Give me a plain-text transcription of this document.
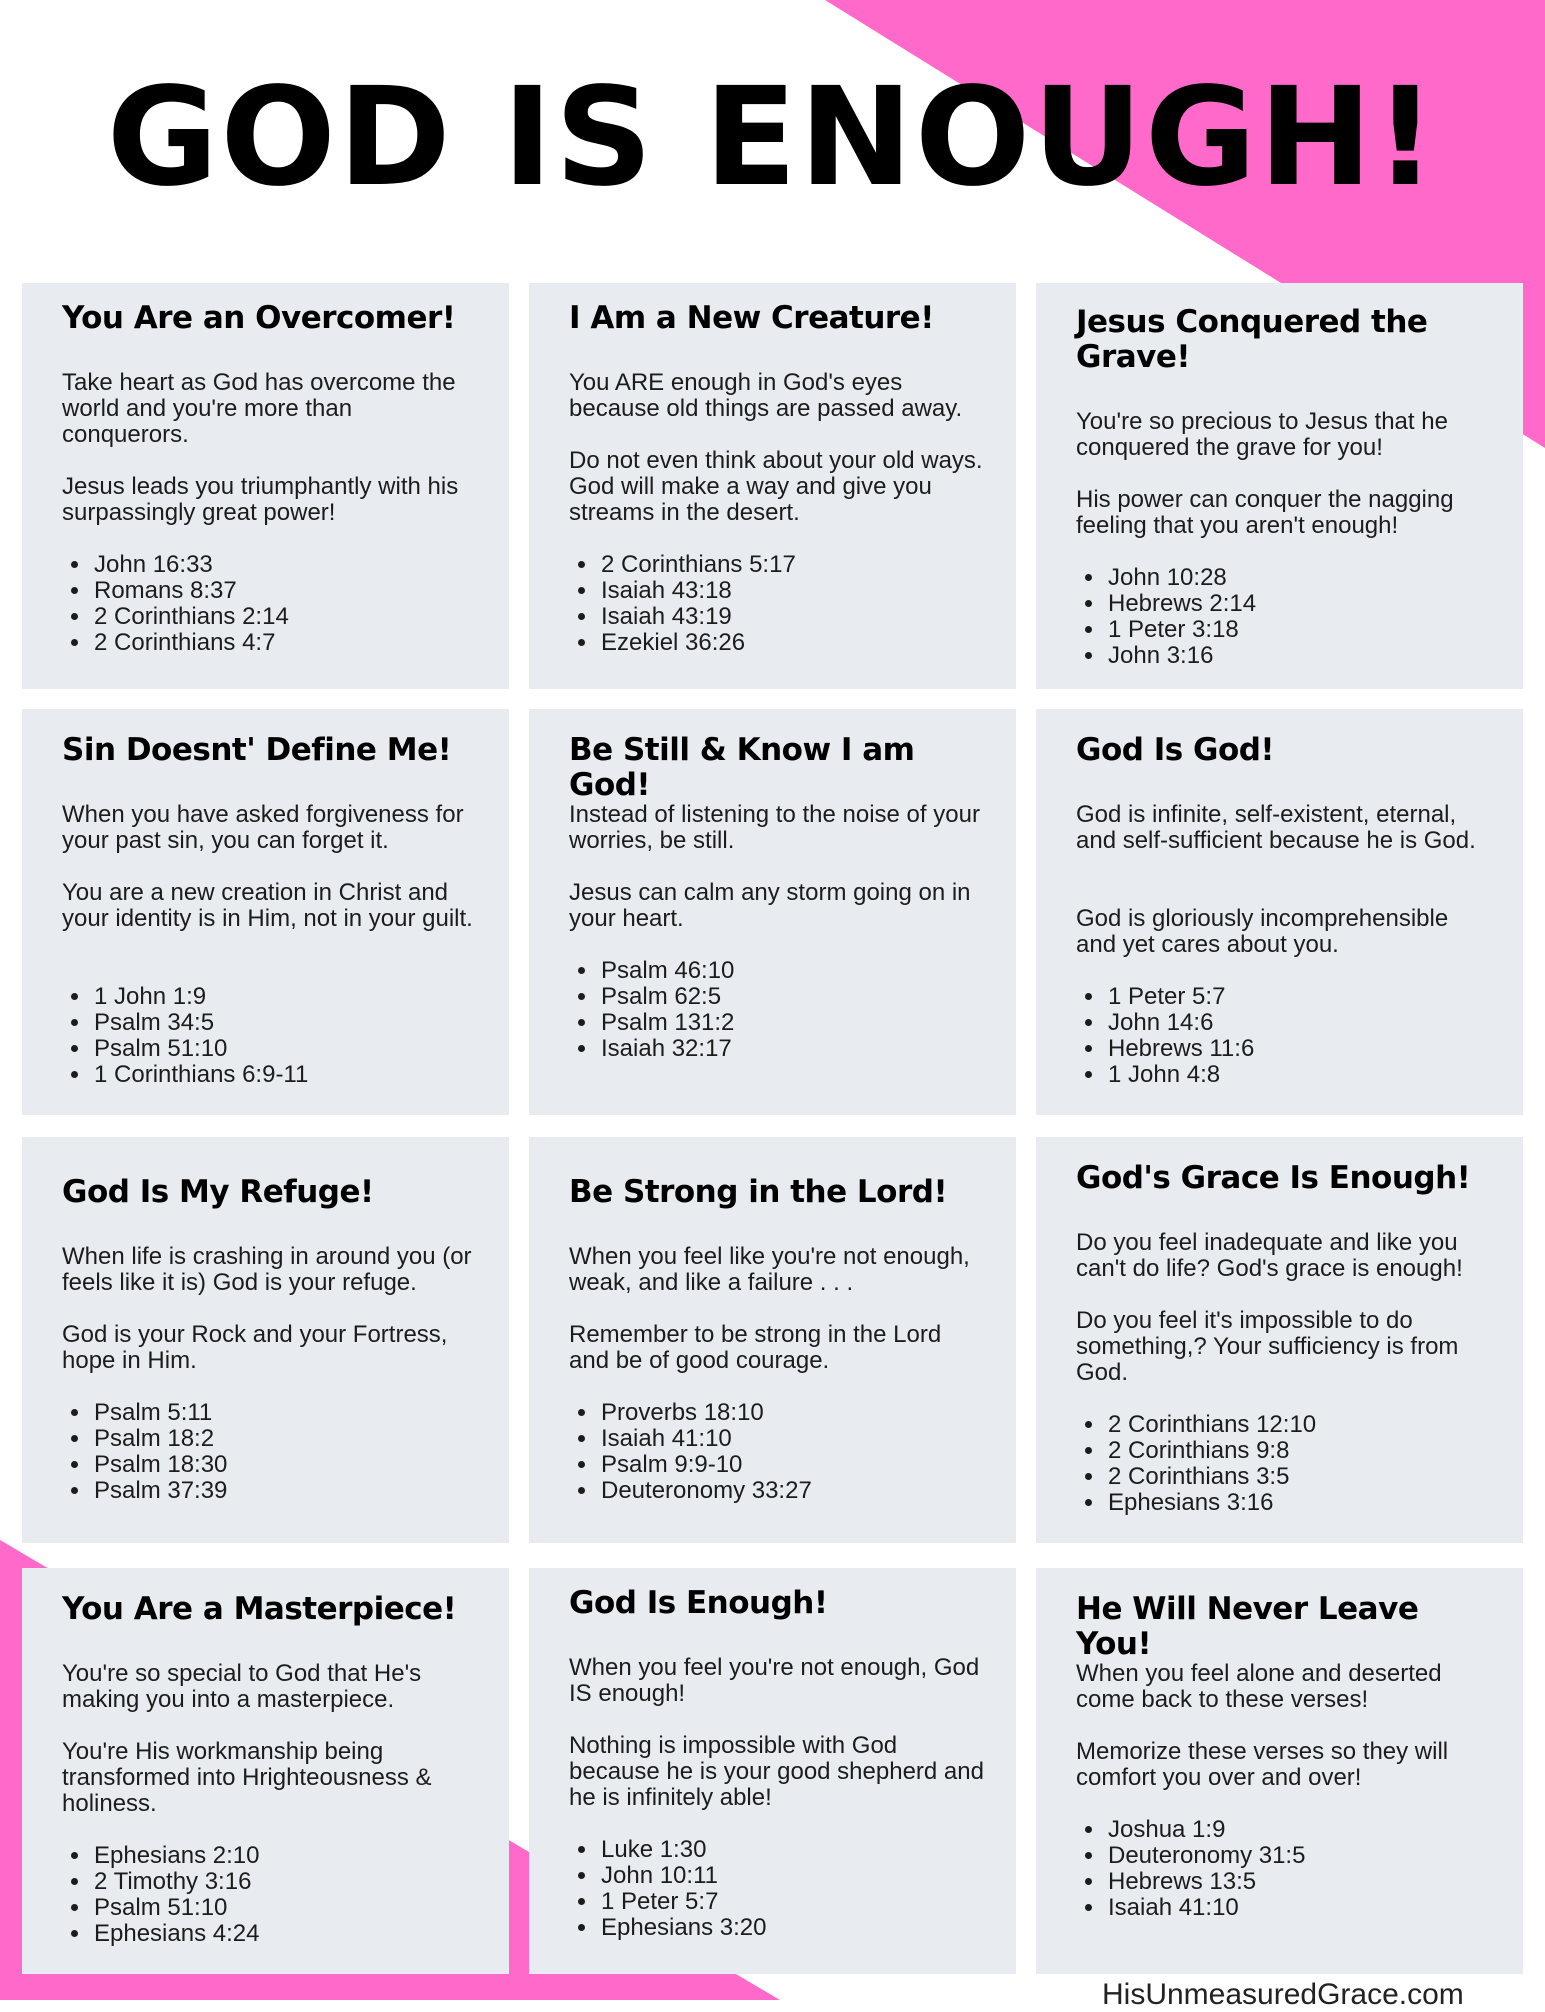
GOD IS ENOUGH!
You Are an Overcomer!

Take heart as God has overcome the world and you're more than conquerors.

Jesus leads you triumphantly with his surpassingly great power!

• John 16:33
• Romans 8:37
• 2 Corinthians 2:14
• 2 Corinthians 4:7
I Am a New Creature!

You ARE enough in God's eyes because old things are passed away.

Do not even think about your old ways. God will make a way and give you streams in the desert.

• 2 Corinthians 5:17
• Isaiah 43:18
• Isaiah 43:19
• Ezekiel 36:26
Jesus Conquered the Grave!

You're so precious to Jesus that he conquered the grave for you!

His power can conquer the nagging feeling that you aren't enough!

• John 10:28
• Hebrews 2:14
• 1 Peter 3:18
• John 3:16
Sin Doesnt' Define Me!

When you have asked forgiveness for your past sin, you can forget it.

You are a new creation in Christ and your identity is in Him, not in your guilt.

• 1 John 1:9
• Psalm 34:5
• Psalm 51:10
• 1 Corinthians 6:9-11
Be Still & Know I am God!

Instead of listening to the noise of your worries, be still.

Jesus can calm any storm going on in your heart.

• Psalm 46:10
• Psalm 62:5
• Psalm 131:2
• Isaiah 32:17
God Is God!

God is infinite, self-existent, eternal, and self-sufficient because he is God.

God is gloriously incomprehensible and yet cares about you.

• 1 Peter 5:7
• John 14:6
• Hebrews 11:6
• 1 John 4:8
God Is My Refuge!

When life is crashing in around you (or feels like it is) God is your refuge.

God is your Rock and your Fortress, hope in Him.

• Psalm 5:11
• Psalm 18:2
• Psalm 18:30
• Psalm 37:39
Be Strong in the Lord!

When you feel like you're not enough, weak, and like a failure . . .

Remember to be strong in the Lord and be of good courage.

• Proverbs 18:10
• Isaiah 41:10
• Psalm 9:9-10
• Deuteronomy 33:27
God's Grace Is Enough!

Do you feel inadequate and like you can't do life? God's grace is enough!

Do you feel it's impossible to do something,? Your sufficiency is from God.

• 2 Corinthians 12:10
• 2 Corinthians 9:8
• 2 Corinthians 3:5
• Ephesians 3:16
You Are a Masterpiece!

You're so special to God that He's making you into a masterpiece.

You're His workmanship being transformed into Hrighteousness & holiness.

• Ephesians 2:10
• 2 Timothy 3:16
• Psalm 51:10
• Ephesians 4:24
God Is Enough!

When you feel you're not enough, God IS enough!

Nothing is impossible with God because he is your good shepherd and he is infinitely able!

• Luke 1:30
• John 10:11
• 1 Peter 5:7
• Ephesians 3:20
He Will Never Leave You!

When you feel alone and deserted come back to these verses!

Memorize these verses so they will comfort you over and over!

• Joshua 1:9
• Deuteronomy 31:5
• Hebrews 13:5
• Isaiah 41:10
HisUnmeasuredGrace.com
